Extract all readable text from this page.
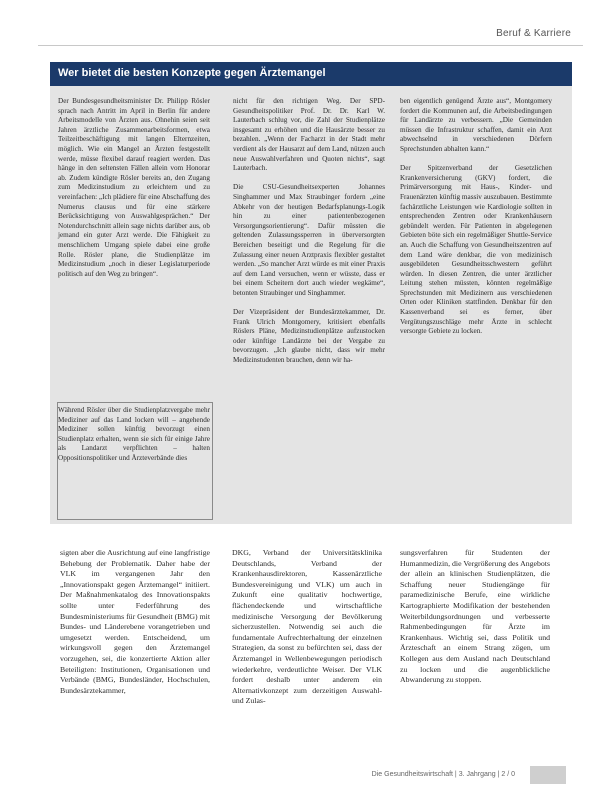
Beruf & Karriere
Wer bietet die besten Konzepte gegen Ärztemangel

Der Bundesgesundheitsminister Dr. Philipp Rösler sprach nach Antritt im April in Berlin für andere Arbeitsmodelle von Ärzten aus. Ohnehin seien seit Jahren ärztliche Zusammenarbeitsformen, etwa Teilzeitbeschäftigung mit langen Elternzeiten, möglich. Wie ein Mangel an Ärzten festgestellt werde, müsse flexibel darauf reagiert werden. Das hänge in den seltensten Fällen allein vom Honorar ab. Zudem kündigte Rösler bereits an, den Zugang zum Medizinstudium zu erleichtern und zu vereinfachen: „Ich plädiere für eine Abschaffung des Numerus clausus und für eine stärkere Berücksichtigung von Auswahlgesprächen.“ Der Notendurchschnitt allein sage nichts darüber aus, ob jemand ein guter Arzt werde. Die Fähigkeit zu menschlichem Umgang spiele dabei eine große Rolle. Rösler plane, die Studienplätze im Medizinstudium „noch in dieser Legislaturperiode politisch auf den Weg zu bringen“.

Während Rösler über die Studienplatzvergabe mehr Mediziner auf das Land locken will – angehende Mediziner sollen künftig bevorzugt einen Studienplatz erhalten, wenn sie sich für einige Jahre als Landarzt verpflichten – halten Oppositionspolitiker und Ärzteverbände dies

nicht für den richtigen Weg. Der SPD-Gesundheitspolitiker Prof. Dr. Dr. Karl W. Lauterbach schlug vor, die Zahl der Studienplätze insgesamt zu erhöhen und die Hausärzte besser zu bezahlen. „Wenn der Facharzt in der Stadt mehr verdient als der Hausarzt auf dem Land, nützen auch neue Auswahlverfahren und Quoten nichts“, sagt Lauterbach.

Die CSU-Gesundheitsexperten Johannes Singhammer und Max Straubinger fordern „eine Abkehr von der heutigen Bedarfsplanungs-Logik hin zu einer patientenbezogenen Versorgungsorientierung“. Dafür müssten die geltenden Zulassungssperren in überversorgten Bereichen beseitigt und die Regelung für die Zulassung einer neuen Arztpraxis flexibler gestaltet werden. „So mancher Arzt würde es mit einer Praxis auf dem Land versuchen, wenn er wüsste, dass er bei einem Scheitern dort auch wieder wegkäme“, betonten Straubinger und Singhammer.

Der Vizepräsident der Bundesärztekammer, Dr. Frank Ulrich Montgomery, kritisiert ebenfalls Röslers Pläne, Medizinstudienplätze aufzustocken oder künftige Landärzte bei der Vergabe zu bevorzugen. „Ich glaube nicht, dass wir mehr Medizinstudenten brauchen, denn wir ha-

ben eigentlich genügend Ärzte aus“, Montgomery fordert die Kommunen auf, die Arbeitsbedingungen für Landärzte zu verbessern. „Die Gemeinden müssen die Infrastruktur schaffen, damit ein Arzt abwechselnd in verschiedenen Dörfern Sprechstunden abhalten kann.“

Der Spitzenverband der Gesetzlichen Krankenversicherung (GKV) fordert, die Primärversorgung mit Haus-, Kinder- und Frauenärzten künftig massiv auszubauen. Bestimmte fachärztliche Leistungen wie Kardiologie sollten in entsprechenden Zentren oder Krankenhäusern gebündelt werden. Für Patienten in abgelegenen Gebieten böte sich ein regelmäßiger Shuttle-Service an. Auch die Schaffung von Gesundheitszentren auf dem Land wäre denkbar, die von medizinisch ausgebildeten Gesundheitsschwestern geführt würden. In diesen Zentren, die unter ärztlicher Leitung stehen müssten, könnten regelmäßige Sprechstunden mit Medizinern aus verschiedenen Orten oder Kliniken stattfinden. Denkbar für den Kassenverband sei es ferner, über Vergütungszuschläge mehr Ärzte in schlecht versorgte Gebiete zu locken.

sigten aber die Ausrichtung auf eine langfristige Behebung der Problematik. Daher habe der VLK im vergangenen Jahr den „Innovationspakt gegen Ärztemangel“ initiiert. Der Maßnahmenkatalog des Innovationspakts sollte unter Federführung des Bundesministeriums für Gesundheit (BMG) mit Bundes- und Länderebene vorangetrieben und umgesetzt werden. Entscheidend, um wirkungsvoll gegen den Ärztemangel vorzugehen, sei, die konzertierte Aktion aller Beteiligten: Institutionen, Organisationen und Verbände (BMG, Bundesländer, Hochschulen, Bundesärztekammer,
DKG, Verband der Universitätsklinika Deutschlands, Verband der Krankenhausdirektoren, Kassenärztliche Bundesvereinigung und VLK) um auch in Zukunft eine qualitativ hochwertige, flächendeckende und wirtschaftliche medizinische Versorgung der Bevölkerung sicherzustellen. Notwendig sei auch die fundamentale Aufrechterhaltung der einzelnen Strategien, da sonst zu befürchten sei, dass der Ärztemangel in Wellenbewegungen periodisch wiederkehre, verdeutlichte Weiser. Der VLK fordert deshalb unter anderem ein Alternativkonzept zum derzeitigen Auswahl- und Zulas-
sungsverfahren für Studenten der Humanmedizin, die Vergrößerung des Angebots der allein an klinischen Studienplätzen, die Schaffung neuer Studiengänge für paramedizinische Berufe, eine wirkliche Kartographierte Modifikation der bestehenden Weiterbildungsordnungen und verbesserte Rahmenbedingungen für Ärzte im Krankenhaus. Wichtig sei, dass Politik und Ärzteschaft an einem Strang zögen, um Kollegen aus dem Ausland nach Deutschland zu locken und die augenblickliche Abwanderung zu stoppen.
Die Gesundheitswirtschaft | 3. Jahrgang | 2 / 0
